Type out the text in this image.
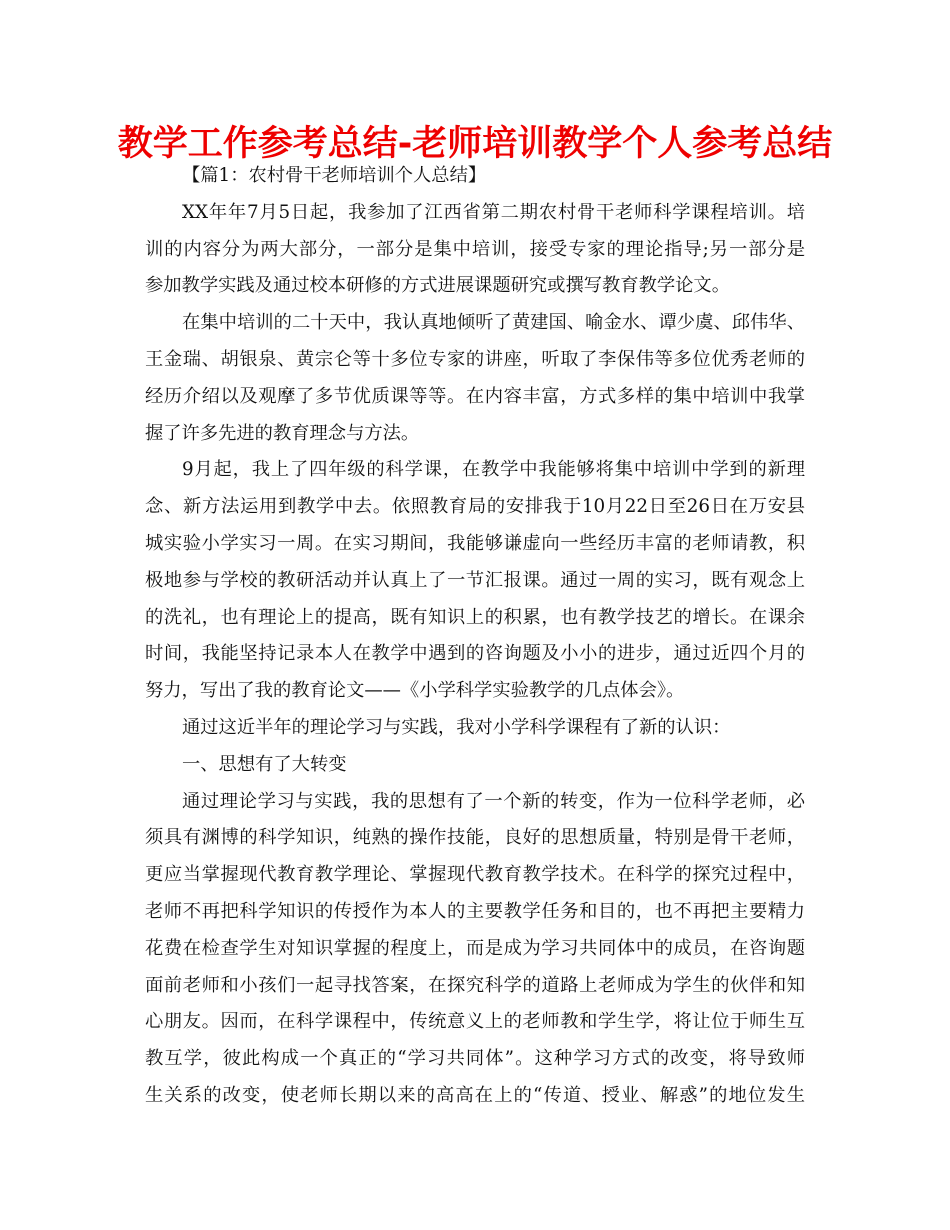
教学工作参考总结-老师培训教学个人参考总结
【篇1：农村骨干老师培训个人总结】
XX年年7月5日起，我参加了江西省第二期农村骨干老师科学课程培训。培
训的内容分为两大部分，一部分是集中培训，接受专家的理论指导;另一部分是
参加教学实践及通过校本研修的方式进展课题研究或撰写教育教学论文。
在集中培训的二十天中，我认真地倾听了黄建国、喻金水、谭少虞、邱伟华、
王金瑞、胡银泉、黄宗仑等十多位专家的讲座，听取了李保伟等多位优秀老师的
经历介绍以及观摩了多节优质课等等。在内容丰富，方式多样的集中培训中我掌
握了许多先进的教育理念与方法。
9月起，我上了四年级的科学课，在教学中我能够将集中培训中学到的新理
念、新方法运用到教学中去。依照教育局的安排我于10月22日至26日在万安县
城实验小学实习一周。在实习期间，我能够谦虚向一些经历丰富的老师请教，积
极地参与学校的教研活动并认真上了一节汇报课。通过一周的实习，既有观念上
的洗礼，也有理论上的提高，既有知识上的积累，也有教学技艺的增长。在课余
时间，我能坚持记录本人在教学中遇到的咨询题及小小的进步，通过近四个月的
努力，写出了我的教育论文——《小学科学实验教学的几点体会》。
通过这近半年的理论学习与实践，我对小学科学课程有了新的认识：
一、思想有了大转变
通过理论学习与实践，我的思想有了一个新的转变，作为一位科学老师，必
须具有渊博的科学知识，纯熟的操作技能，良好的思想质量，特别是骨干老师，
更应当掌握现代教育教学理论、掌握现代教育教学技术。在科学的探究过程中，
老师不再把科学知识的传授作为本人的主要教学任务和目的，也不再把主要精力
花费在检查学生对知识掌握的程度上，而是成为学习共同体中的成员，在咨询题
面前老师和小孩们一起寻找答案，在探究科学的道路上老师成为学生的伙伴和知
心朋友。因而，在科学课程中，传统意义上的老师教和学生学，将让位于师生互
教互学，彼此构成一个真正的“学习共同体”。这种学习方式的改变，将导致师
生关系的改变，使老师长期以来的高高在上的“传道、授业、解惑”的地位发生
